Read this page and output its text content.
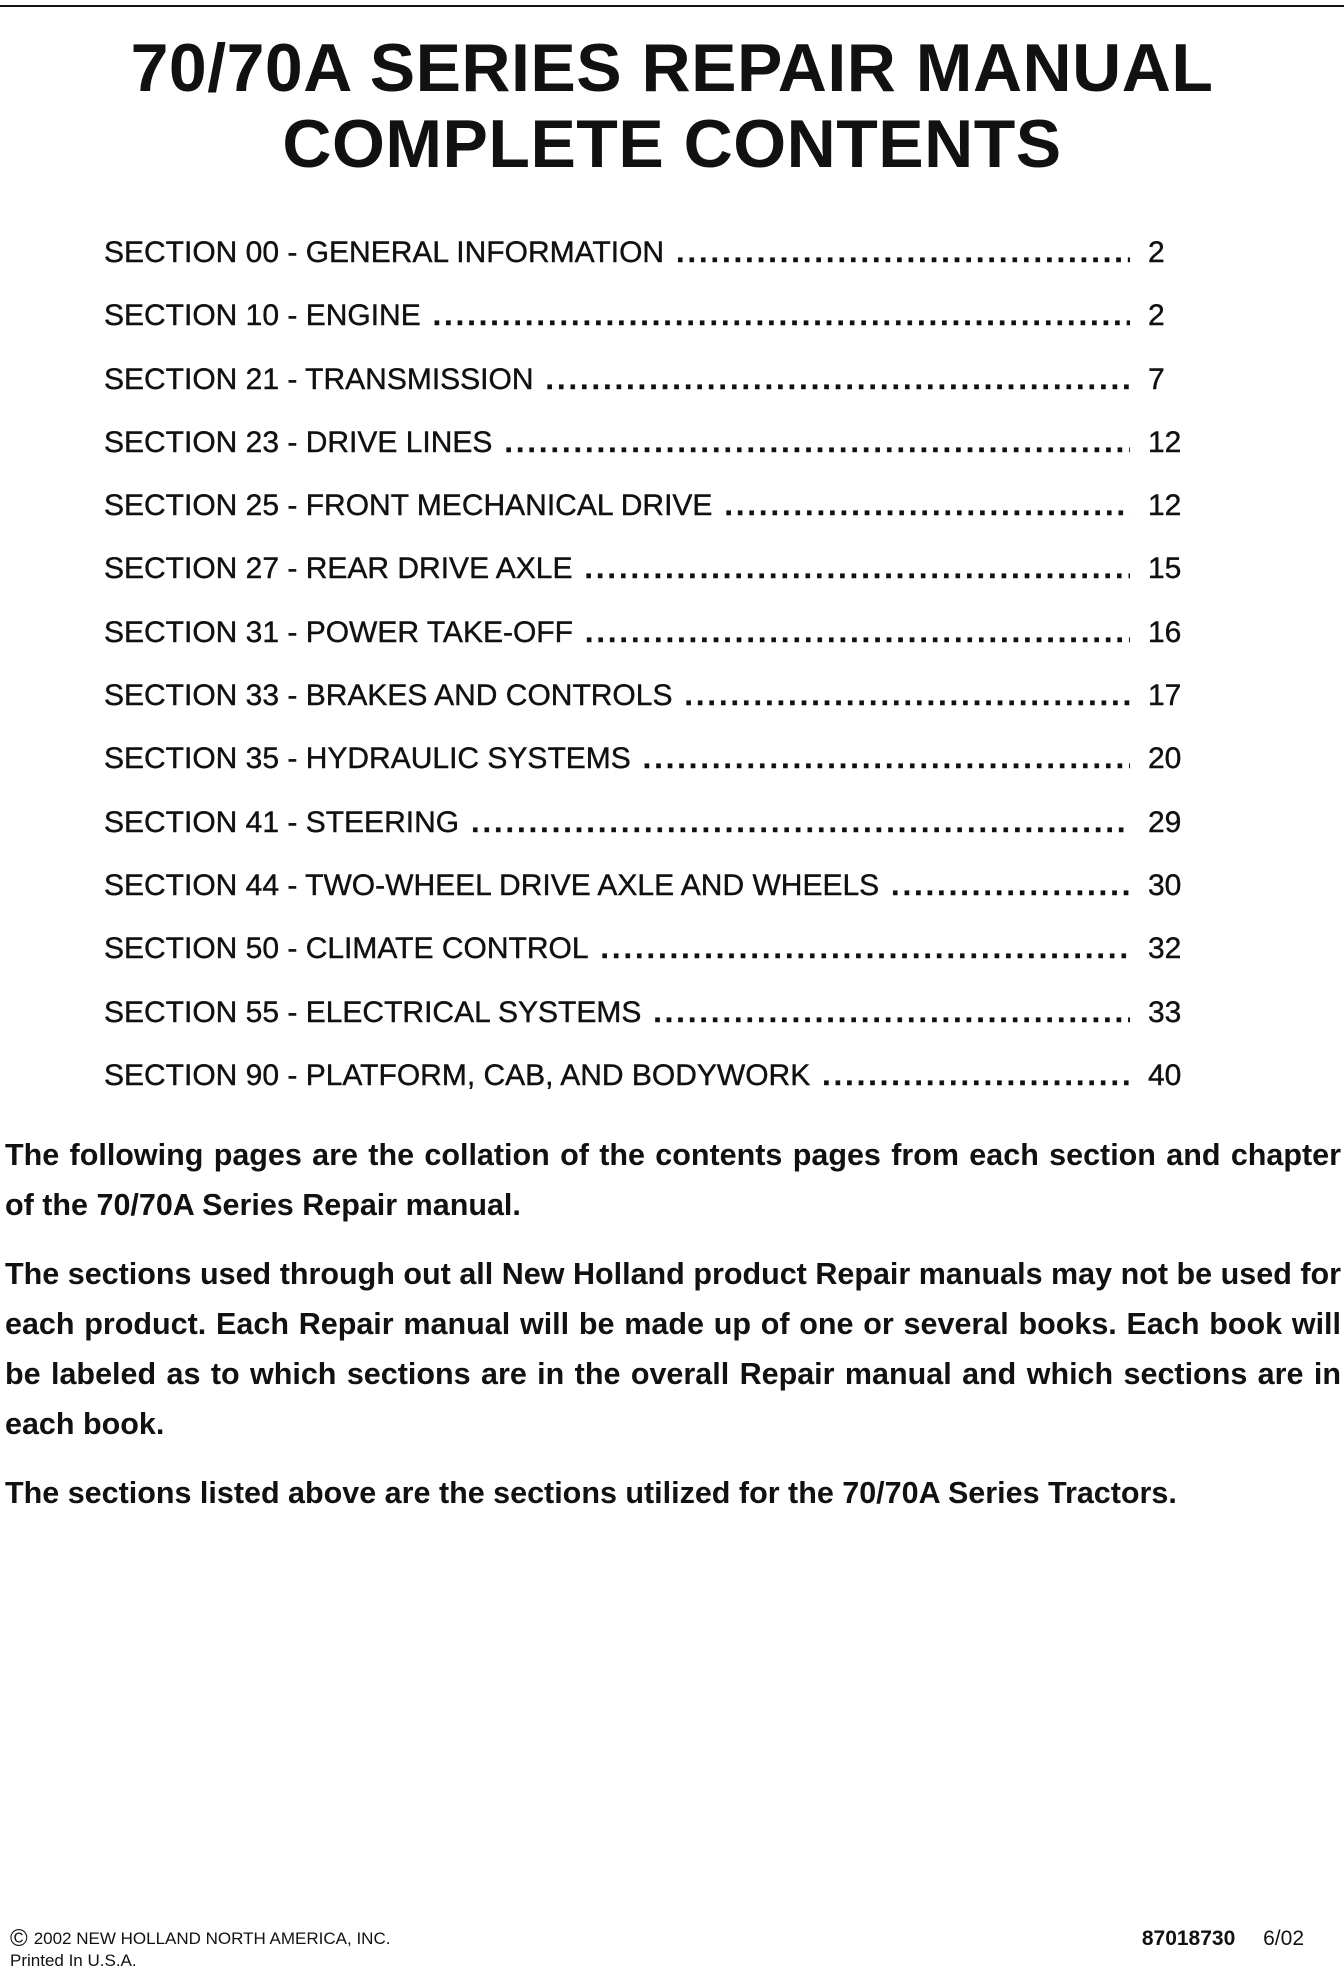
70/70A SERIES REPAIR MANUAL
COMPLETE CONTENTS
SECTION 00 - GENERAL INFORMATION .....	2
SECTION 10 - ENGINE .....	2
SECTION 21 - TRANSMISSION .....	7
SECTION 23 - DRIVE LINES .....	12
SECTION 25 - FRONT MECHANICAL DRIVE .....	12
SECTION 27 - REAR DRIVE AXLE .....	15
SECTION 31 - POWER TAKE-OFF .....	16
SECTION 33 - BRAKES AND CONTROLS .....	17
SECTION 35 - HYDRAULIC SYSTEMS .....	20
SECTION 41 - STEERING .....	29
SECTION 44 - TWO-WHEEL DRIVE AXLE AND WHEELS .....	30
SECTION 50 - CLIMATE CONTROL .....	32
SECTION 55 - ELECTRICAL SYSTEMS .....	33
SECTION 90 - PLATFORM, CAB, AND BODYWORK .....	40

The following pages are the collation of the contents pages from each section and chapter of the 70/70A Series Repair manual.

The sections used through out all New Holland product Repair manuals may not be used for each product. Each Repair manual will be made up of one or several books. Each book will be labeled as to which sections are in the overall Repair manual and which sections are in each book.

The sections listed above are the sections utilized for the 70/70A Series Tractors.

© 2002 NEW HOLLAND NORTH AMERICA, INC.
Printed In U.S.A.
87018730 6/02
